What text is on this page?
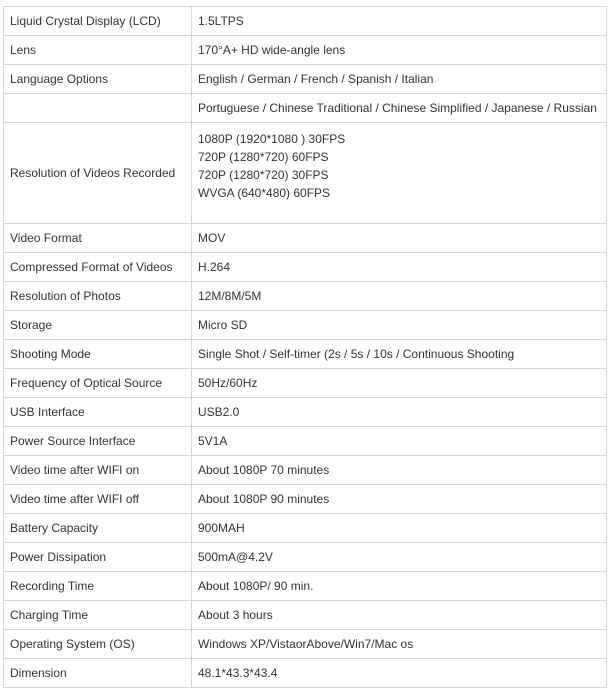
Liquid Crystal Display (LCD)	1.5LTPS
Lens	170°A+ HD wide-angle lens
Language Options	English / German / French / Spanish / Italian
	Portuguese / Chinese Traditional / Chinese Simplified / Japanese / Russian
Resolution of Videos Recorded	1080P (1920*1080 ) 30FPS
720P (1280*720) 60FPS
720P (1280*720) 30FPS
WVGA (640*480) 60FPS

Video Format	MOV
Compressed Format of Videos	H.264
Resolution of Photos	12M/8M/5M
Storage	Micro SD
Shooting Mode	Single Shot / Self-timer (2s / 5s / 10s / Continuous Shooting
Frequency of Optical Source	50Hz/60Hz
USB Interface	USB2.0
Power Source Interface	5V1A
Video time after WIFI on	About 1080P 70 minutes
Video time after WIFI off	About 1080P 90 minutes
Battery Capacity	900MAH
Power Dissipation	500mA@4.2V
Recording Time	About 1080P/ 90 min.
Charging Time	About 3 hours
Operating System (OS)	Windows XP/VistaorAbove/Win7/Mac os
Dimension	48.1*43.3*43.4
